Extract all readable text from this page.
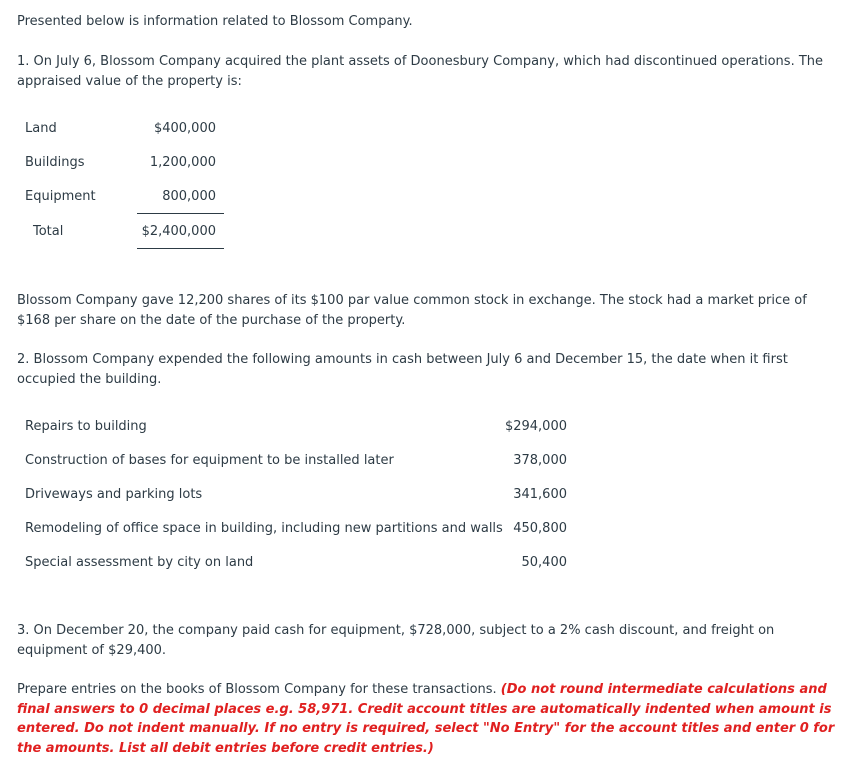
Presented below is information related to Blossom Company.

1. On July 6, Blossom Company acquired the plant assets of Doonesbury Company, which had discontinued operations. The appraised value of the property is:

Land	$400,000
Buildings	1,200,000
Equipment	800,000
Total	$2,400,000

Blossom Company gave 12,200 shares of its $100 par value common stock in exchange. The stock had a market price of $168 per share on the date of the purchase of the property.

2. Blossom Company expended the following amounts in cash between July 6 and December 15, the date when it first occupied the building.

Repairs to building	$294,000
Construction of bases for equipment to be installed later	378,000
Driveways and parking lots	341,600
Remodeling of office space in building, including new partitions and walls 450,800
Special assessment by city on land	50,400

3. On December 20, the company paid cash for equipment, $728,000, subject to a 2% cash discount, and freight on equipment of $29,400.

Prepare entries on the books of Blossom Company for these transactions. (Do not round intermediate calculations and final answers to 0 decimal places e.g. 58,971. Credit account titles are automatically indented when amount is entered. Do not indent manually. If no entry is required, select "No Entry" for the account titles and enter 0 for the amounts. List all debit entries before credit entries.)
